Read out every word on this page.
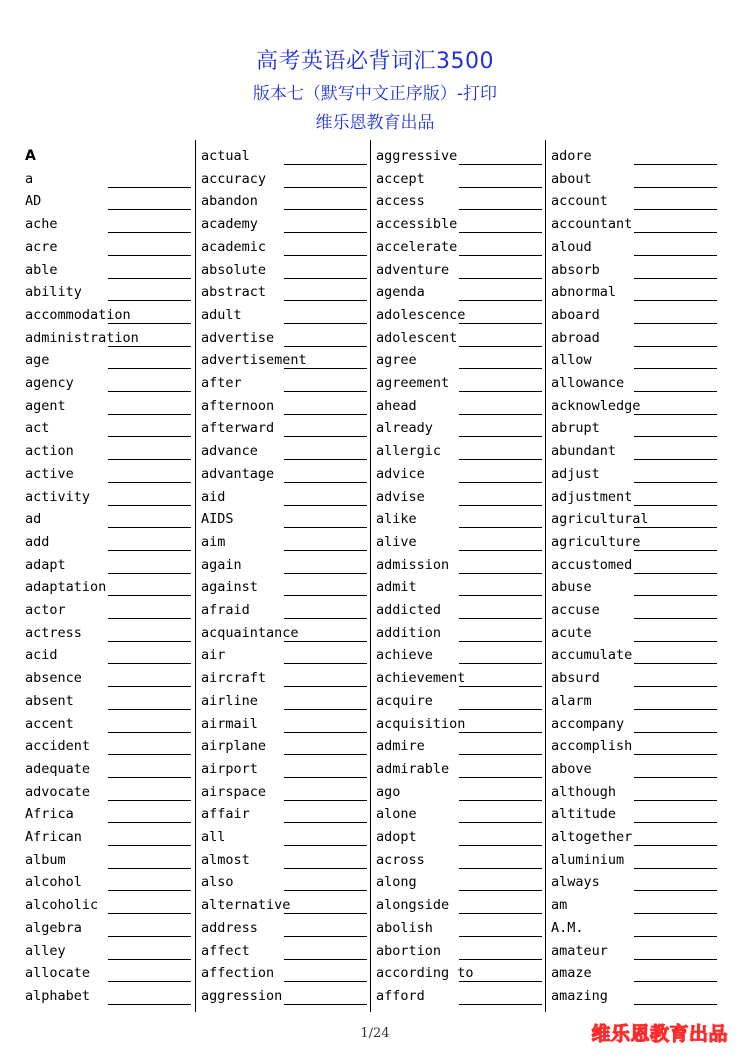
高考英语必背词汇3500
版本七（默写中文正序版）-打印
维乐恩教育出品
A
a
AD
ache
acre
able
ability
accommodation
administration
age
agency
agent
act
action
active
activity
ad
add
adapt
adaptation
actor
actress
acid
absence
absent
accent
accident
adequate
advocate
Africa
African
album
alcohol
alcoholic
algebra
alley
allocate
alphabet
actual
accuracy
abandon
academy
academic
absolute
abstract
adult
advertise
advertisement
after
afternoon
afterward
advance
advantage
aid
AIDS
aim
again
against
afraid
acquaintance
air
aircraft
airline
airmail
airplane
airport
airspace
affair
all
almost
also
alternative
address
affect
affection
aggression
aggressive
accept
access
accessible
accelerate
adventure
agenda
adolescence
adolescent
agree
agreement
ahead
already
allergic
advice
advise
alike
alive
admission
admit
addicted
addition
achieve
achievement
acquire
acquisition
admire
admirable
ago
alone
adopt
across
along
alongside
abolish
abortion
according to
afford
adore
about
account
accountant
aloud
absorb
abnormal
aboard
abroad
allow
allowance
acknowledge
abrupt
abundant
adjust
adjustment
agricultural
agriculture
accustomed
abuse
accuse
acute
accumulate
absurd
alarm
accompany
accomplish
above
although
altitude
altogether
aluminium
always
am
A.M.
amateur
amaze
amazing
1/24	维乐恩教育出品
